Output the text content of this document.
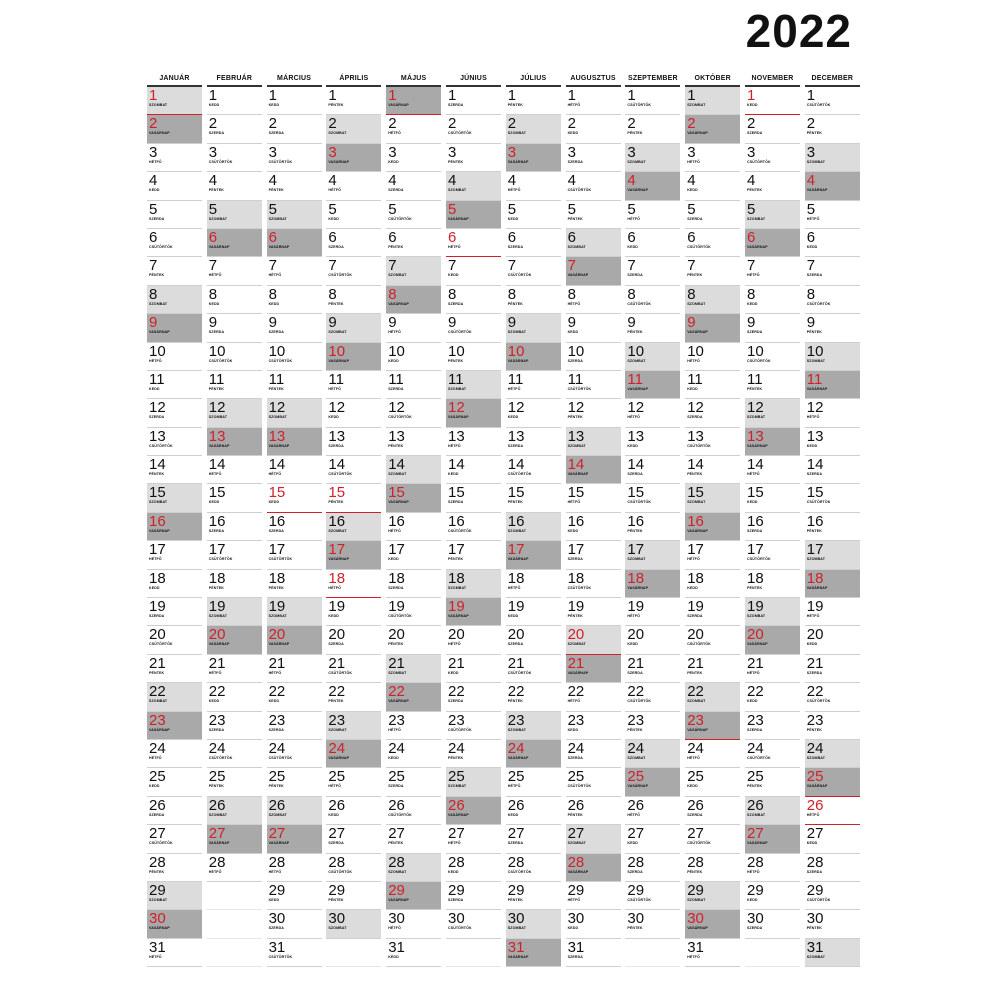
2022
JANUÁR
1
SZOMBAT
2
VASÁRNAP
3
HÉTFŐ
4
KEDD
5
SZERDA
6
CSÜTÖRTÖK
7
PÉNTEK
8
SZOMBAT
9
VASÁRNAP
10
HÉTFŐ
11
KEDD
12
SZERDA
13
CSÜTÖRTÖK
14
PÉNTEK
15
SZOMBAT
16
VASÁRNAP
17
HÉTFŐ
18
KEDD
19
SZERDA
20
CSÜTÖRTÖK
21
PÉNTEK
22
SZOMBAT
23
VASÁRNAP
24
HÉTFŐ
25
KEDD
26
SZERDA
27
CSÜTÖRTÖK
28
PÉNTEK
29
SZOMBAT
30
VASÁRNAP
31
HÉTFŐ
FEBRUÁR
1
KEDD
2
SZERDA
3
CSÜTÖRTÖK
4
PÉNTEK
5
SZOMBAT
6
VASÁRNAP
7
HÉTFŐ
8
KEDD
9
SZERDA
10
CSÜTÖRTÖK
11
PÉNTEK
12
SZOMBAT
13
VASÁRNAP
14
HÉTFŐ
15
KEDD
16
SZERDA
17
CSÜTÖRTÖK
18
PÉNTEK
19
SZOMBAT
20
VASÁRNAP
21
HÉTFŐ
22
KEDD
23
SZERDA
24
CSÜTÖRTÖK
25
PÉNTEK
26
SZOMBAT
27
VASÁRNAP
28
HÉTFŐ
MÁRCIUS
1
KEDD
2
SZERDA
3
CSÜTÖRTÖK
4
PÉNTEK
5
SZOMBAT
6
VASÁRNAP
7
HÉTFŐ
8
KEDD
9
SZERDA
10
CSÜTÖRTÖK
11
PÉNTEK
12
SZOMBAT
13
VASÁRNAP
14
HÉTFŐ
15
KEDD
16
SZERDA
17
CSÜTÖRTÖK
18
PÉNTEK
19
SZOMBAT
20
VASÁRNAP
21
HÉTFŐ
22
KEDD
23
SZERDA
24
CSÜTÖRTÖK
25
PÉNTEK
26
SZOMBAT
27
VASÁRNAP
28
HÉTFŐ
29
KEDD
30
SZERDA
31
CSÜTÖRTÖK
ÁPRILIS
1
PÉNTEK
2
SZOMBAT
3
VASÁRNAP
4
HÉTFŐ
5
KEDD
6
SZERDA
7
CSÜTÖRTÖK
8
PÉNTEK
9
SZOMBAT
10
VASÁRNAP
11
HÉTFŐ
12
KEDD
13
SZERDA
14
CSÜTÖRTÖK
15
PÉNTEK
16
SZOMBAT
17
VASÁRNAP
18
HÉTFŐ
19
KEDD
20
SZERDA
21
CSÜTÖRTÖK
22
PÉNTEK
23
SZOMBAT
24
VASÁRNAP
25
HÉTFŐ
26
KEDD
27
SZERDA
28
CSÜTÖRTÖK
29
PÉNTEK
30
SZOMBAT
MÁJUS
1
VASÁRNAP
2
HÉTFŐ
3
KEDD
4
SZERDA
5
CSÜTÖRTÖK
6
PÉNTEK
7
SZOMBAT
8
VASÁRNAP
9
HÉTFŐ
10
KEDD
11
SZERDA
12
CSÜTÖRTÖK
13
PÉNTEK
14
SZOMBAT
15
VASÁRNAP
16
HÉTFŐ
17
KEDD
18
SZERDA
19
CSÜTÖRTÖK
20
PÉNTEK
21
SZOMBAT
22
VASÁRNAP
23
HÉTFŐ
24
KEDD
25
SZERDA
26
CSÜTÖRTÖK
27
PÉNTEK
28
SZOMBAT
29
VASÁRNAP
30
HÉTFŐ
31
KEDD
JÚNIUS
1
SZERDA
2
CSÜTÖRTÖK
3
PÉNTEK
4
SZOMBAT
5
VASÁRNAP
6
HÉTFŐ
7
KEDD
8
SZERDA
9
CSÜTÖRTÖK
10
PÉNTEK
11
SZOMBAT
12
VASÁRNAP
13
HÉTFŐ
14
KEDD
15
SZERDA
16
CSÜTÖRTÖK
17
PÉNTEK
18
SZOMBAT
19
VASÁRNAP
20
HÉTFŐ
21
KEDD
22
SZERDA
23
CSÜTÖRTÖK
24
PÉNTEK
25
SZOMBAT
26
VASÁRNAP
27
HÉTFŐ
28
KEDD
29
SZERDA
30
CSÜTÖRTÖK
JÚLIUS
1
PÉNTEK
2
SZOMBAT
3
VASÁRNAP
4
HÉTFŐ
5
KEDD
6
SZERDA
7
CSÜTÖRTÖK
8
PÉNTEK
9
SZOMBAT
10
VASÁRNAP
11
HÉTFŐ
12
KEDD
13
SZERDA
14
CSÜTÖRTÖK
15
PÉNTEK
16
SZOMBAT
17
VASÁRNAP
18
HÉTFŐ
19
KEDD
20
SZERDA
21
CSÜTÖRTÖK
22
PÉNTEK
23
SZOMBAT
24
VASÁRNAP
25
HÉTFŐ
26
KEDD
27
SZERDA
28
CSÜTÖRTÖK
29
PÉNTEK
30
SZOMBAT
31
VASÁRNAP
AUGUSZTUS
1
HÉTFŐ
2
KEDD
3
SZERDA
4
CSÜTÖRTÖK
5
PÉNTEK
6
SZOMBAT
7
VASÁRNAP
8
HÉTFŐ
9
KEDD
10
SZERDA
11
CSÜTÖRTÖK
12
PÉNTEK
13
SZOMBAT
14
VASÁRNAP
15
HÉTFŐ
16
KEDD
17
SZERDA
18
CSÜTÖRTÖK
19
PÉNTEK
20
SZOMBAT
21
VASÁRNAP
22
HÉTFŐ
23
KEDD
24
SZERDA
25
CSÜTÖRTÖK
26
PÉNTEK
27
SZOMBAT
28
VASÁRNAP
29
HÉTFŐ
30
KEDD
31
SZERDA
SZEPTEMBER
1
CSÜTÖRTÖK
2
PÉNTEK
3
SZOMBAT
4
VASÁRNAP
5
HÉTFŐ
6
KEDD
7
SZERDA
8
CSÜTÖRTÖK
9
PÉNTEK
10
SZOMBAT
11
VASÁRNAP
12
HÉTFŐ
13
KEDD
14
SZERDA
15
CSÜTÖRTÖK
16
PÉNTEK
17
SZOMBAT
18
VASÁRNAP
19
HÉTFŐ
20
KEDD
21
SZERDA
22
CSÜTÖRTÖK
23
PÉNTEK
24
SZOMBAT
25
VASÁRNAP
26
HÉTFŐ
27
KEDD
28
SZERDA
29
CSÜTÖRTÖK
30
PÉNTEK
OKTÓBER
1
SZOMBAT
2
VASÁRNAP
3
HÉTFŐ
4
KEDD
5
SZERDA
6
CSÜTÖRTÖK
7
PÉNTEK
8
SZOMBAT
9
VASÁRNAP
10
HÉTFŐ
11
KEDD
12
SZERDA
13
CSÜTÖRTÖK
14
PÉNTEK
15
SZOMBAT
16
VASÁRNAP
17
HÉTFŐ
18
KEDD
19
SZERDA
20
CSÜTÖRTÖK
21
PÉNTEK
22
SZOMBAT
23
VASÁRNAP
24
HÉTFŐ
25
KEDD
26
SZERDA
27
CSÜTÖRTÖK
28
PÉNTEK
29
SZOMBAT
30
VASÁRNAP
31
HÉTFŐ
NOVEMBER
1
KEDD
2
SZERDA
3
CSÜTÖRTÖK
4
PÉNTEK
5
SZOMBAT
6
VASÁRNAP
7
HÉTFŐ
8
KEDD
9
SZERDA
10
CSÜTÖRTÖK
11
PÉNTEK
12
SZOMBAT
13
VASÁRNAP
14
HÉTFŐ
15
KEDD
16
SZERDA
17
CSÜTÖRTÖK
18
PÉNTEK
19
SZOMBAT
20
VASÁRNAP
21
HÉTFŐ
22
KEDD
23
SZERDA
24
CSÜTÖRTÖK
25
PÉNTEK
26
SZOMBAT
27
VASÁRNAP
28
HÉTFŐ
29
KEDD
30
SZERDA
DECEMBER
1
CSÜTÖRTÖK
2
PÉNTEK
3
SZOMBAT
4
VASÁRNAP
5
HÉTFŐ
6
KEDD
7
SZERDA
8
CSÜTÖRTÖK
9
PÉNTEK
10
SZOMBAT
11
VASÁRNAP
12
HÉTFŐ
13
KEDD
14
SZERDA
15
CSÜTÖRTÖK
16
PÉNTEK
17
SZOMBAT
18
VASÁRNAP
19
HÉTFŐ
20
KEDD
21
SZERDA
22
CSÜTÖRTÖK
23
PÉNTEK
24
SZOMBAT
25
VASÁRNAP
26
HÉTFŐ
27
KEDD
28
SZERDA
29
CSÜTÖRTÖK
30
PÉNTEK
31
SZOMBAT
